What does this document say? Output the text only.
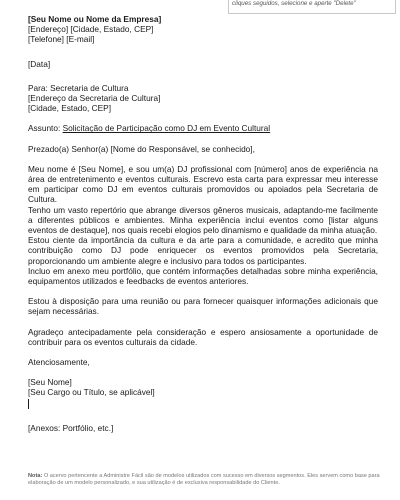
cliques seguidos, selecione e aperte "Delete"
[Seu Nome ou Nome da Empresa]
[Endereço] [Cidade, Estado, CEP]
[Telefone] [E-mail]
[Data]
Para: Secretaria de Cultura
[Endereço da Secretaria de Cultura]
[Cidade, Estado, CEP]
Assunto: Solicitação de Participação como DJ em Evento Cultural
Prezado(a) Senhor(a) [Nome do Responsável, se conhecido],
Meu nome é [Seu Nome], e sou um(a) DJ profissional com [número] anos de experiência na área de entretenimento e eventos culturais. Escrevo esta carta para expressar meu interesse em participar como DJ em eventos culturais promovidos ou apoiados pela Secretaria de Cultura.
Tenho um vasto repertório que abrange diversos gêneros musicais, adaptando-me facilmente a diferentes públicos e ambientes. Minha experiência inclui eventos como [listar alguns eventos de destaque], nos quais recebi elogios pelo dinamismo e qualidade da minha atuação.
Estou ciente da importância da cultura e da arte para a comunidade, e acredito que minha contribuição como DJ pode enriquecer os eventos promovidos pela Secretaria, proporcionando um ambiente alegre e inclusivo para todos os participantes.
Incluo em anexo meu portfólio, que contém informações detalhadas sobre minha experiência, equipamentos utilizados e feedbacks de eventos anteriores.
Estou à disposição para uma reunião ou para fornecer quaisquer informações adicionais que sejam necessárias.
Agradeço antecipadamente pela consideração e espero ansiosamente a oportunidade de contribuir para os eventos culturais da cidade.
Atenciosamente,
[Seu Nome]
[Seu Cargo ou Título, se aplicável]
[Anexos: Portfólio, etc.]
Nota: O acervo pertencente a Administre Fácil são de modelos utilizados com sucesso em diversos segmentos. Eles servem como base para elaboração de um modelo personalizado, e sua utilização é de exclusiva responsabilidade do Cliente.
